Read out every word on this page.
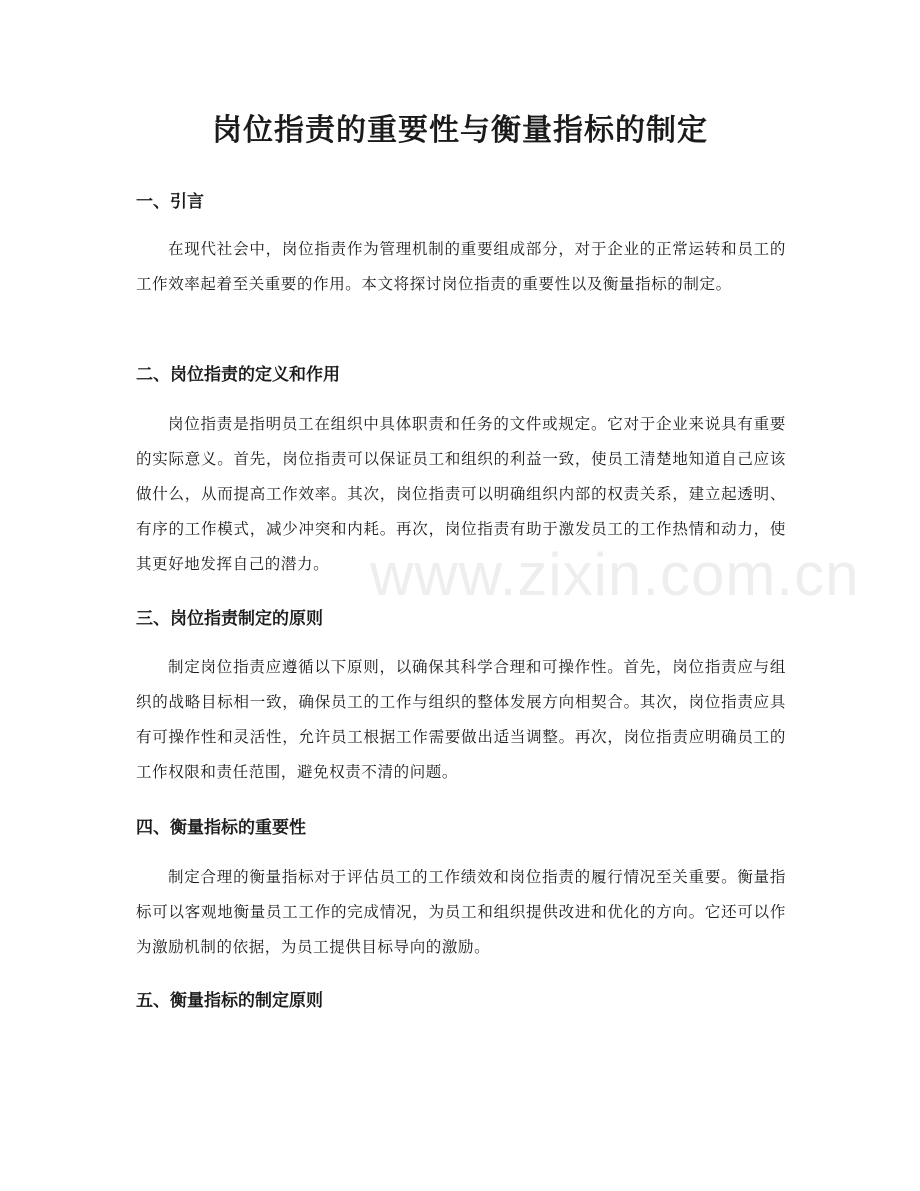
www.zixin.com.cn
岗位指责的重要性与衡量指标的制定
一、引言

在现代社会中，岗位指责作为管理机制的重要组成部分，对于企业的正常运转和员工的工作效率起着至关重要的作用。本文将探讨岗位指责的重要性以及衡量指标的制定。

二、岗位指责的定义和作用

岗位指责是指明员工在组织中具体职责和任务的文件或规定。它对于企业来说具有重要的实际意义。首先，岗位指责可以保证员工和组织的利益一致，使员工清楚地知道自己应该做什么，从而提高工作效率。其次，岗位指责可以明确组织内部的权责关系，建立起透明、有序的工作模式，减少冲突和内耗。再次，岗位指责有助于激发员工的工作热情和动力，使其更好地发挥自己的潜力。

三、岗位指责制定的原则

制定岗位指责应遵循以下原则，以确保其科学合理和可操作性。首先，岗位指责应与组织的战略目标相一致，确保员工的工作与组织的整体发展方向相契合。其次，岗位指责应具有可操作性和灵活性，允许员工根据工作需要做出适当调整。再次，岗位指责应明确员工的工作权限和责任范围，避免权责不清的问题。

四、衡量指标的重要性

制定合理的衡量指标对于评估员工的工作绩效和岗位指责的履行情况至关重要。衡量指标可以客观地衡量员工工作的完成情况，为员工和组织提供改进和优化的方向。它还可以作为激励机制的依据，为员工提供目标导向的激励。

五、衡量指标的制定原则
